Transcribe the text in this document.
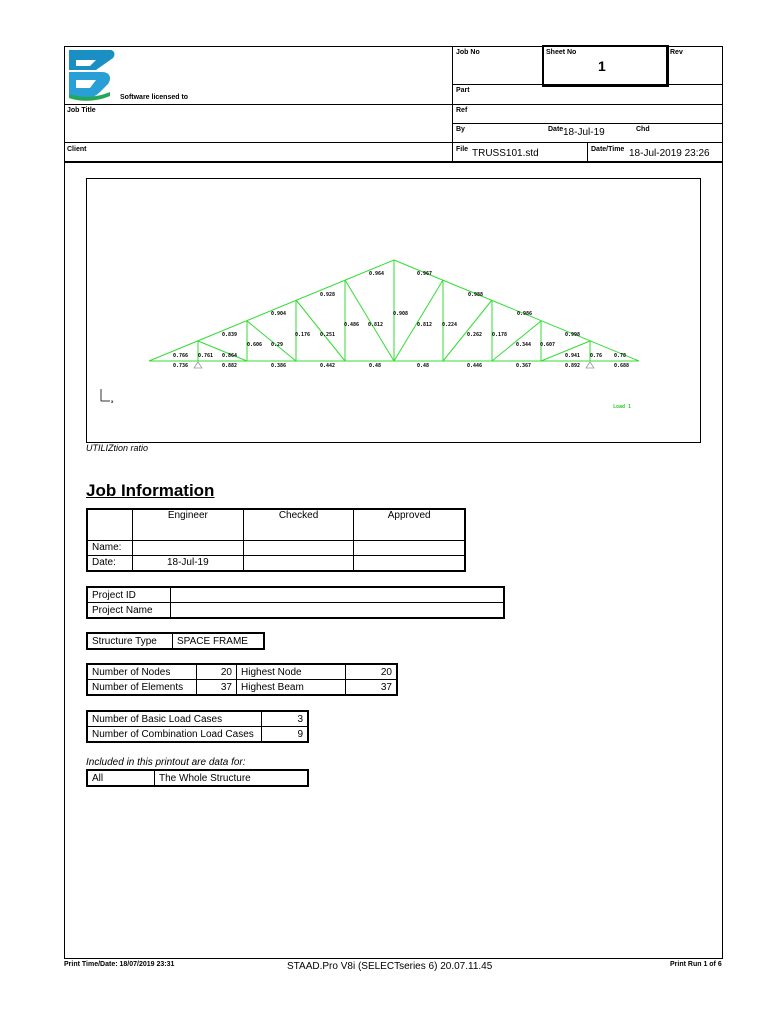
Software licensed to
Job No	Sheet No
1
Rev
Part
Job Title	Ref
By	Date 18-Jul-19	Chd
Client	File TRUSS101.std	Date/Time 18-Jul-2019 23:26
0.964	0.967
0.928	0.988
0.904	0.986
0.839	0.998
0.606 0.29
0.176 0.251
0.486 0.812
0.908
0.812 0.224
0.262 0.178
0.344 0.607
0.766 0.761 0.864	0.941 0.76 0.78
0.736	0.882	0.386	0.442	0.48	0.48	0.446	0.367	0.892	0.688
x
Load 1
UTILIZtion ratio
Job Information
	Engineer	Checked	Approved
Name:			
Date:	18-Jul-19		
Project ID	
Project Name	
Structure Type	SPACE FRAME
Number of Nodes	20	Highest Node	20
Number of Elements	37	Highest Beam	37
Number of Basic Load Cases	3
Number of Combination Load Cases	9
Included in this printout are data for:
All	The Whole Structure
Print Time/Date: 18/07/2019 23:31	STAAD.Pro V8i (SELECTseries 6) 20.07.11.45	Print Run 1 of 6
